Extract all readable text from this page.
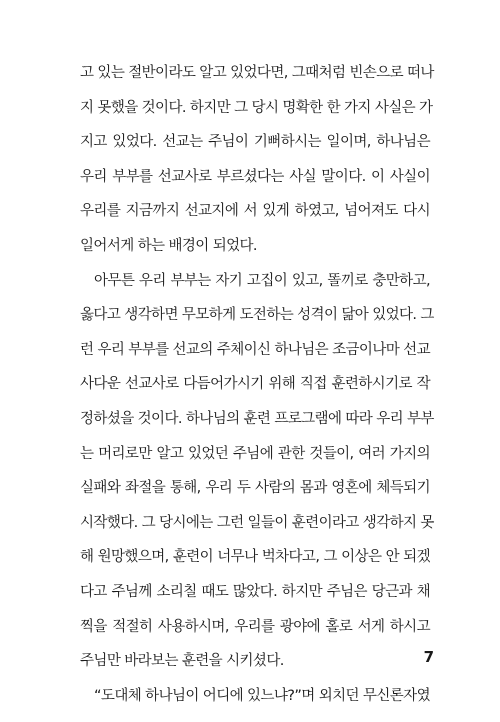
고 있는 절반이라도 알고 있었다면, 그때처럼 빈손으로 떠나
지 못했을 것이다. 하지만 그 당시 명확한 한 가지 사실은 가
지고 있었다. 선교는 주님이 기뻐하시는 일이며, 하나님은
우리 부부를 선교사로 부르셨다는 사실 말이다. 이 사실이
우리를 지금까지 선교지에 서 있게 하였고, 넘어져도 다시
일어서게 하는 배경이 되었다.
아무튼 우리 부부는 자기 고집이 있고, 똘끼로 충만하고,
옳다고 생각하면 무모하게 도전하는 성격이 닮아 있었다. 그
런 우리 부부를 선교의 주체이신 하나님은 조금이나마 선교
사다운 선교사로 다듬어가시기 위해 직접 훈련하시기로 작
정하셨을 것이다. 하나님의 훈련 프로그램에 따라 우리 부부
는 머리로만 알고 있었던 주님에 관한 것들이, 여러 가지의
실패와 좌절을 통해, 우리 두 사람의 몸과 영혼에 체득되기
시작했다. 그 당시에는 그런 일들이 훈련이라고 생각하지 못
해 원망했으며, 훈련이 너무나 벅차다고, 그 이상은 안 되겠
다고 주님께 소리칠 때도 많았다. 하지만 주님은 당근과 채
찍을 적절히 사용하시며, 우리를 광야에 홀로 서게 하시고
주님만 바라보는 훈련을 시키셨다.
“도대체 하나님이 어디에 있느냐?”며 외치던 무신론자였
7
